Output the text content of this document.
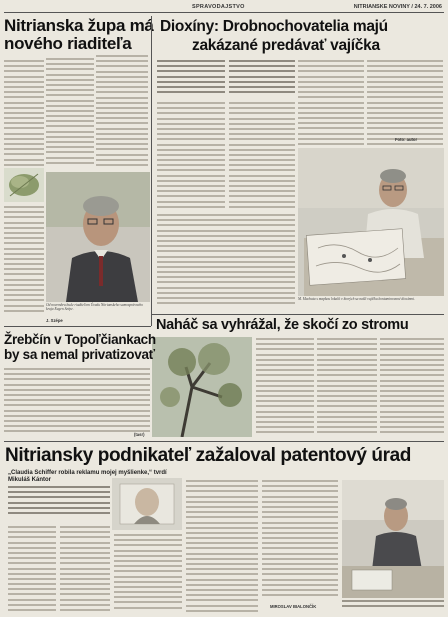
SPRAVODAJSTVO	NITRIANSKE NOVINY / 24. 7. 2006
Nitrianska župa má
nového riaditeľa
Od novembra bude riaditeľom Úradu Nitrianskeho samosprávneho kraja Eugen Szépe.
J. Szépe
Dioxíny: Drobnochovatelia majú
zakázané predávať vajíčka
M. Machata s mapkou lokalít v ktorých sa našli vajíčka kontaminované dioxínmi.
Foto: autor
Naháč sa vyhrážal, že skočí zo stromu
Žrebčín v Topoľčiankach
by sa nemal privatizovať
(tasr)
Nitriansky podnikateľ zažaloval patentový úrad
„Claudia Schiffer robila reklamu mojej myšlienke,“ tvrdí Mikuláš Kántor
MIROSLAV BIALONČÍK
